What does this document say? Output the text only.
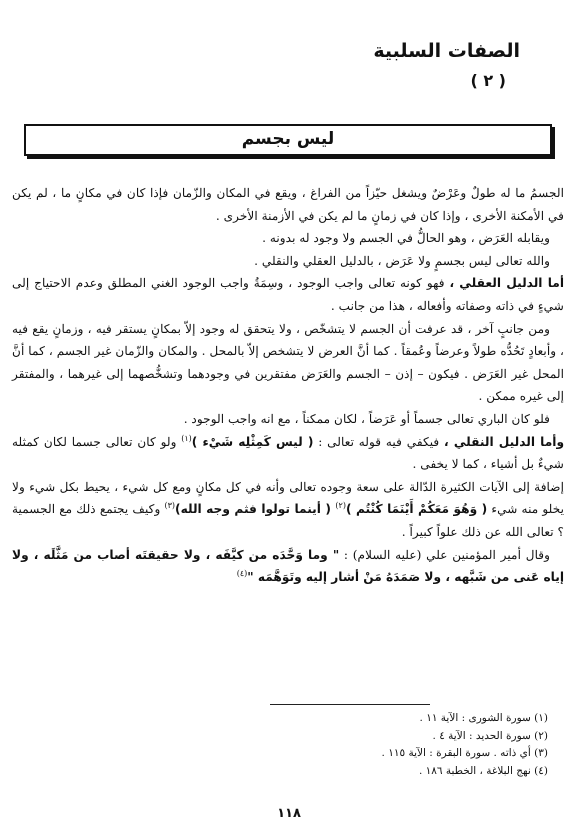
الصفات السلبية
( ٢ )
ليس بجسم

الجسمُ ما له طولٌ وعَرْضٌ ويشغل حيّزاً من الفراغ ، ويقع في المكان والزّمان فإذا كان في مكانٍ ما ، لم يكن في الأمكنة الأخرى ، وإذا كان في زمانٍ ما لم يكن في الأزمنة الأخرى .

ويقابله العَرَض ، وهو الحالُّ في الجسم ولا وجود له بدونه .

والله تعالى ليس بجسمٍ ولا عَرَض ، بالدليل العقلي والنقلي .

أما الدليل العقلي ، فهو كونه تعالى واجب الوجود ، وسِمَةُ واجب الوجود الغني المطلق وعدم الاحتياج إلى شيءٍ في ذاته وصفاته وأفعاله ، هذا من جانب .

ومن جانبٍ آخر ، قد عرفت أن الجسم لا يتشخّص ، ولا يتحقق له وجود إلاّ بمكانٍ يستقر فيه ، وزمانٍ يقع فيه ، وأبعادٍ تَحُدُّه طولاً وعرضاً وعُمقاً . كما أنَّ العرض لا يتشخص إلاّ بالمحل . والمكان والزّمان غير الجسم ، كما أنَّ المحل غير العَرَض . فيكون – إذن – الجسم والعَرَض مفتقرين في وجودهما وتشخُّصهما إلى غيرهما ، والمفتقر إلى غيره ممكن .

فلو كان الباري تعالى جسماً أو عَرَضاً ، لكان ممكناً ، مع انه واجب الوجود .

وأما الدليل النقلي ، فيكفي فيه قوله تعالى : ( ليس كَمِثْلِه شَيْء )$^{(١)}$ ولو كان تعالى جسما لكان كمثله شيءٌ بل أشياء ، كما لا يخفى .

إضافة إلى الآيات الكثيرة الدّالة على سعة وجوده تعالى وأنه في كل مكانٍ ومع كل شيء ، يحيط بكل شيء ولا يخلو منه شيء ( وَهُوَ مَعَكُمْ أَيْنَمَا كُنْتُم )$^{(٢)}$ ( أينما تولوا فثم وجه الله)$^{(٣)}$ وكيف يجتمع ذلك مع الجسمية ؟ تعالى الله عن ذلك علواً كبيراً .

وقال أمير المؤمنين علي (عليه السلام) : " وما وَحَّدَه من كيَّفَه ، ولا حقيقتَه أصاب من مَثَّلَه ، ولا إياه عَنى من شَبَّهه ، ولا صَمَدَهُ مَنْ أشار إليه وتَوَهَّمَه "$^{(٤)}$

(١) سورة الشورى : الآية ١١ .
(٢) سورة الحديد : الآية ٤ .
(٣) أي ذاته . سورة البقرة : الآية ١١٥ .
(٤) نهج البلاغة ، الخطبة ١٨٦ .
١١٨
